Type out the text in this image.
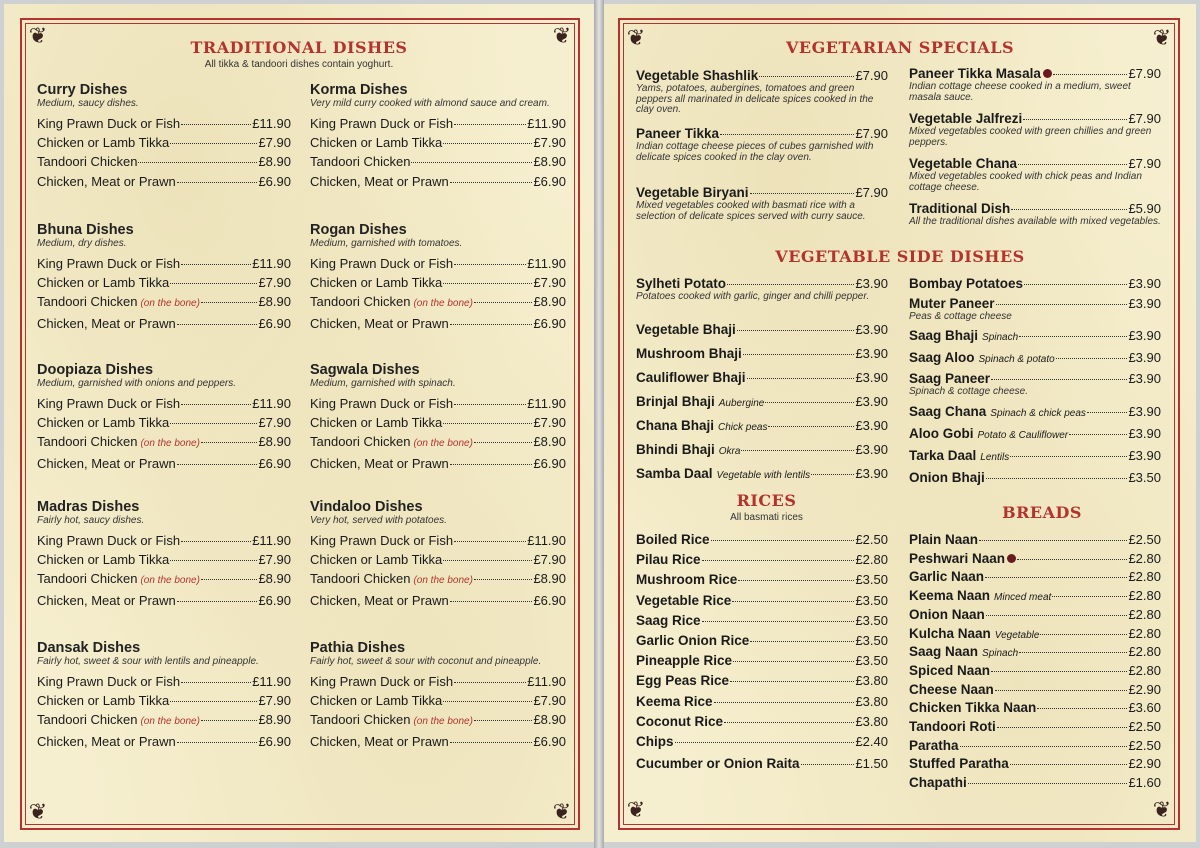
❦	❦
❦	❦
TRADITIONAL DISHES
All tikka & tandoori dishes contain yoghurt.
Curry Dishes
Medium, saucy dishes.
King Prawn Duck or Fish	£11.90
Chicken or Lamb Tikka	£7.90
Tandoori Chicken	£8.90
Chicken, Meat or Prawn	£6.90
Korma Dishes
Very mild curry cooked with almond sauce and cream.
King Prawn Duck or Fish	£11.90
Chicken or Lamb Tikka	£7.90
Tandoori Chicken	£8.90
Chicken, Meat or Prawn	£6.90
Bhuna Dishes
Medium, dry dishes.
King Prawn Duck or Fish	£11.90
Chicken or Lamb Tikka	£7.90
Tandoori Chicken (on the bone)	£8.90
Chicken, Meat or Prawn	£6.90
Rogan Dishes
Medium, garnished with tomatoes.
King Prawn Duck or Fish	£11.90
Chicken or Lamb Tikka	£7.90
Tandoori Chicken (on the bone)	£8.90
Chicken, Meat or Prawn	£6.90
Doopiaza Dishes
Medium, garnished with onions and peppers.
King Prawn Duck or Fish	£11.90
Chicken or Lamb Tikka	£7.90
Tandoori Chicken (on the bone)	£8.90
Chicken, Meat or Prawn	£6.90
Sagwala Dishes
Medium, garnished with spinach.
King Prawn Duck or Fish	£11.90
Chicken or Lamb Tikka	£7.90
Tandoori Chicken (on the bone)	£8.90
Chicken, Meat or Prawn	£6.90
Madras Dishes
Fairly hot, saucy dishes.
King Prawn Duck or Fish	£11.90
Chicken or Lamb Tikka	£7.90
Tandoori Chicken (on the bone)	£8.90
Chicken, Meat or Prawn	£6.90
Vindaloo Dishes
Very hot, served with potatoes.
King Prawn Duck or Fish	£11.90
Chicken or Lamb Tikka	£7.90
Tandoori Chicken (on the bone)	£8.90
Chicken, Meat or Prawn	£6.90
Dansak Dishes
Fairly hot, sweet & sour with lentils and pineapple.
King Prawn Duck or Fish	£11.90
Chicken or Lamb Tikka	£7.90
Tandoori Chicken (on the bone)	£8.90
Chicken, Meat or Prawn	£6.90
Pathia Dishes
Fairly hot, sweet & sour with coconut and pineapple.
King Prawn Duck or Fish	£11.90
Chicken or Lamb Tikka	£7.90
Tandoori Chicken (on the bone)	£8.90
Chicken, Meat or Prawn	£6.90
❦	❦
❦	❦
VEGETARIAN SPECIALS
VEGETABLE SIDE DISHES
RICES
All basmati rices	BREADS
Vegetable Shashlik	£7.90
Yams, potatoes, aubergines, tomatoes and green peppers all marinated in delicate spices cooked in the clay oven.
Paneer Tikka	£7.90
Indian cottage cheese pieces of cubes garnished with delicate spices cooked in the clay oven.
Vegetable Biryani	£7.90
Mixed vegetables cooked with basmati rice with a selection of delicate spices served with curry sauce.
Paneer Tikka Masala	£7.90
Indian cottage cheese cooked in a medium, sweet masala sauce.
Vegetable Jalfrezi	£7.90
Mixed vegetables cooked with green chillies and green peppers.
Vegetable Chana	£7.90
Mixed vegetables cooked with chick peas and Indian cottage cheese.
Traditional Dish	£5.90
All the traditional dishes available with mixed vegetables.
Sylheti Potato	£3.90
Potatoes cooked with garlic, ginger and chilli pepper.
Vegetable Bhaji	£3.90
Mushroom Bhaji	£3.90
Cauliflower Bhaji	£3.90
Brinjal Bhaji Aubergine	£3.90
Chana Bhaji Chick peas	£3.90
Bhindi Bhaji Okra	£3.90
Samba Daal Vegetable with lentils	£3.90
Bombay Potatoes	£3.90
Muter Paneer	£3.90
Peas & cottage cheese
Saag Bhaji Spinach	£3.90
Saag Aloo Spinach & potato	£3.90
Saag Paneer	£3.90
Spinach & cottage cheese.
Saag Chana Spinach & chick peas	£3.90
Aloo Gobi Potato & Cauliflower	£3.90
Tarka Daal Lentils	£3.90
Onion Bhaji	£3.50
Boiled Rice	£2.50
Pilau Rice	£2.80
Mushroom Rice	£3.50
Vegetable Rice	£3.50
Saag Rice	£3.50
Garlic Onion Rice	£3.50
Pineapple Rice	£3.50
Egg Peas Rice	£3.80
Keema Rice	£3.80
Coconut Rice	£3.80
Chips	£2.40
Cucumber or Onion Raita	£1.50
Plain Naan	£2.50
Peshwari Naan	£2.80
Garlic Naan	£2.80
Keema Naan Minced meat	£2.80
Onion Naan	£2.80
Kulcha Naan Vegetable	£2.80
Saag Naan Spinach	£2.80
Spiced Naan	£2.80
Cheese Naan	£2.90
Chicken Tikka Naan	£3.60
Tandoori Roti	£2.50
Paratha	£2.50
Stuffed Paratha	£2.90
Chapathi	£1.60
